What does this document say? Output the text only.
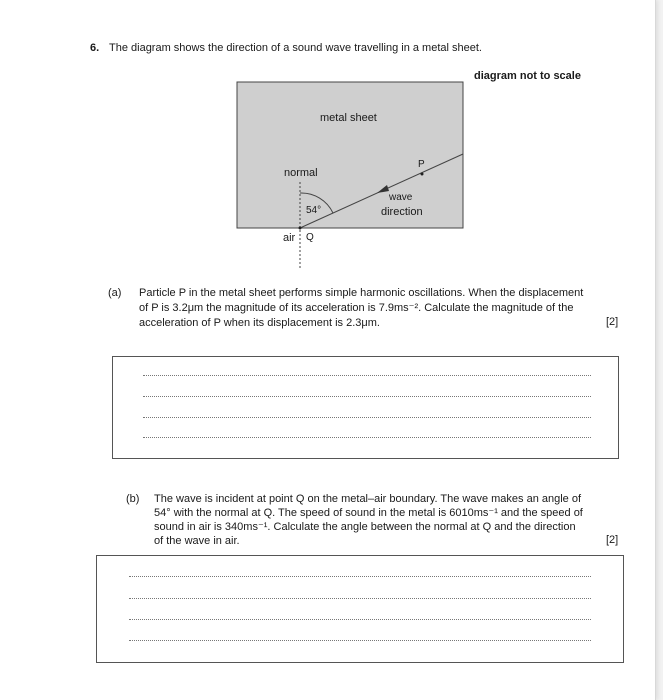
6. The diagram shows the direction of a sound wave travelling in a metal sheet.
diagram not to scale
metal sheet
normal
54°
P
wave
direction
air Q
(a) Particle P in the metal sheet performs simple harmonic oscillations. When the displacement
of P is 3.2μm the magnitude of its acceleration is 7.9ms⁻². Calculate the magnitude of the
acceleration of P when its displacement is 2.3μm.	[2]
(b) The wave is incident at point Q on the metal–air boundary. The wave makes an angle of
54° with the normal at Q. The speed of sound in the metal is 6010ms⁻¹ and the speed of
sound in air is 340ms⁻¹. Calculate the angle between the normal at Q and the direction
of the wave in air.	[2]
